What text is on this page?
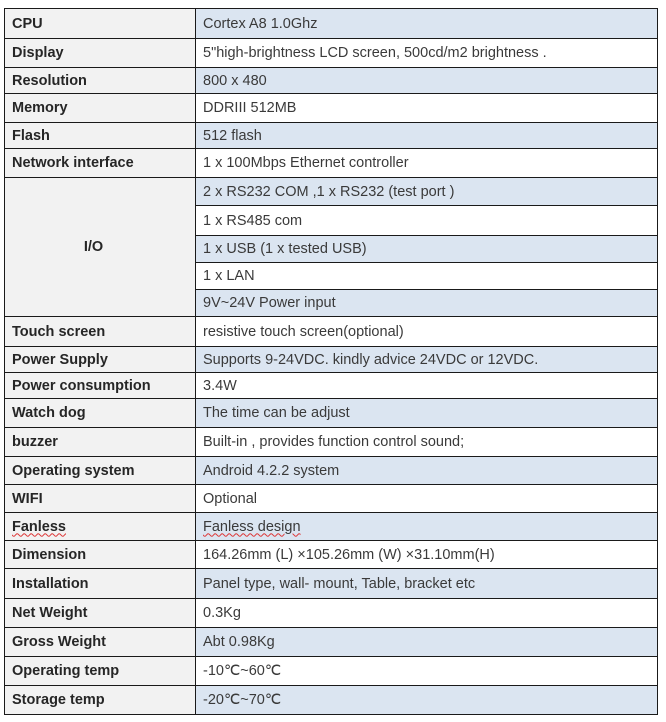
CPU	Cortex A8 1.0Ghz
Display	5"high-brightness LCD screen, 500cd/m2 brightness .
Resolution	800 x 480
Memory	DDRIII 512MB
Flash	512 flash
Network interface	1 x 100Mbps Ethernet controller
I/O	2 x RS232 COM ,1 x RS232 (test port )
	1 x RS485 com
	1 x USB (1 x tested USB)
	1 x LAN
	9V~24V Power input
Touch screen	resistive touch screen(optional)
Power Supply	Supports 9-24VDC. kindly advice 24VDC or 12VDC.
Power consumption	3.4W
Watch dog	The time can be adjust
buzzer	Built-in , provides function control sound;
Operating system	Android 4.2.2 system
WIFI	Optional
Fanless	Fanless design
Dimension	164.26mm (L) ×105.26mm (W) ×31.10mm(H)
Installation	Panel type, wall- mount, Table, bracket etc
Net Weight	0.3Kg
Gross Weight	Abt 0.98Kg
Operating temp	-10℃~60℃
Storage temp	-20℃~70℃
